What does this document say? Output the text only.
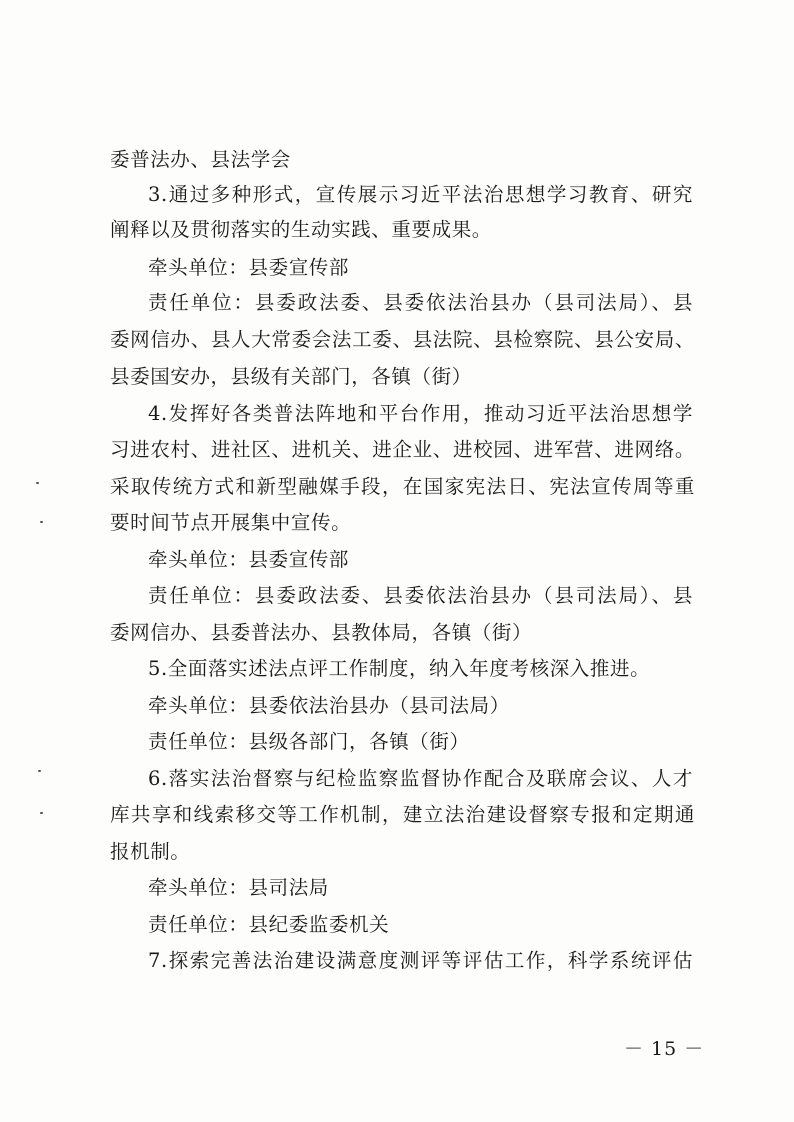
委普法办、县法学会
3.通过多种形式，宣传展示习近平法治思想学习教育、研究
阐释以及贯彻落实的生动实践、重要成果。
牵头单位：县委宣传部
责任单位：县委政法委、县委依法治县办（县司法局）、县
委网信办、县人大常委会法工委、县法院、县检察院、县公安局、
县委国安办，县级有关部门，各镇（街）
4.发挥好各类普法阵地和平台作用，推动习近平法治思想学
习进农村、进社区、进机关、进企业、进校园、进军营、进网络。
采取传统方式和新型融媒手段，在国家宪法日、宪法宣传周等重
要时间节点开展集中宣传。
牵头单位：县委宣传部
责任单位：县委政法委、县委依法治县办（县司法局）、县
委网信办、县委普法办、县教体局，各镇（街）
5.全面落实述法点评工作制度，纳入年度考核深入推进。
牵头单位：县委依法治县办（县司法局）
责任单位：县级各部门，各镇（街）
6.落实法治督察与纪检监察监督协作配合及联席会议、人才
库共享和线索移交等工作机制，建立法治建设督察专报和定期通
报机制。
牵头单位：县司法局
责任单位：县纪委监委机关
7.探索完善法治建设满意度测评等评估工作，科学系统评估
－ 15 －
